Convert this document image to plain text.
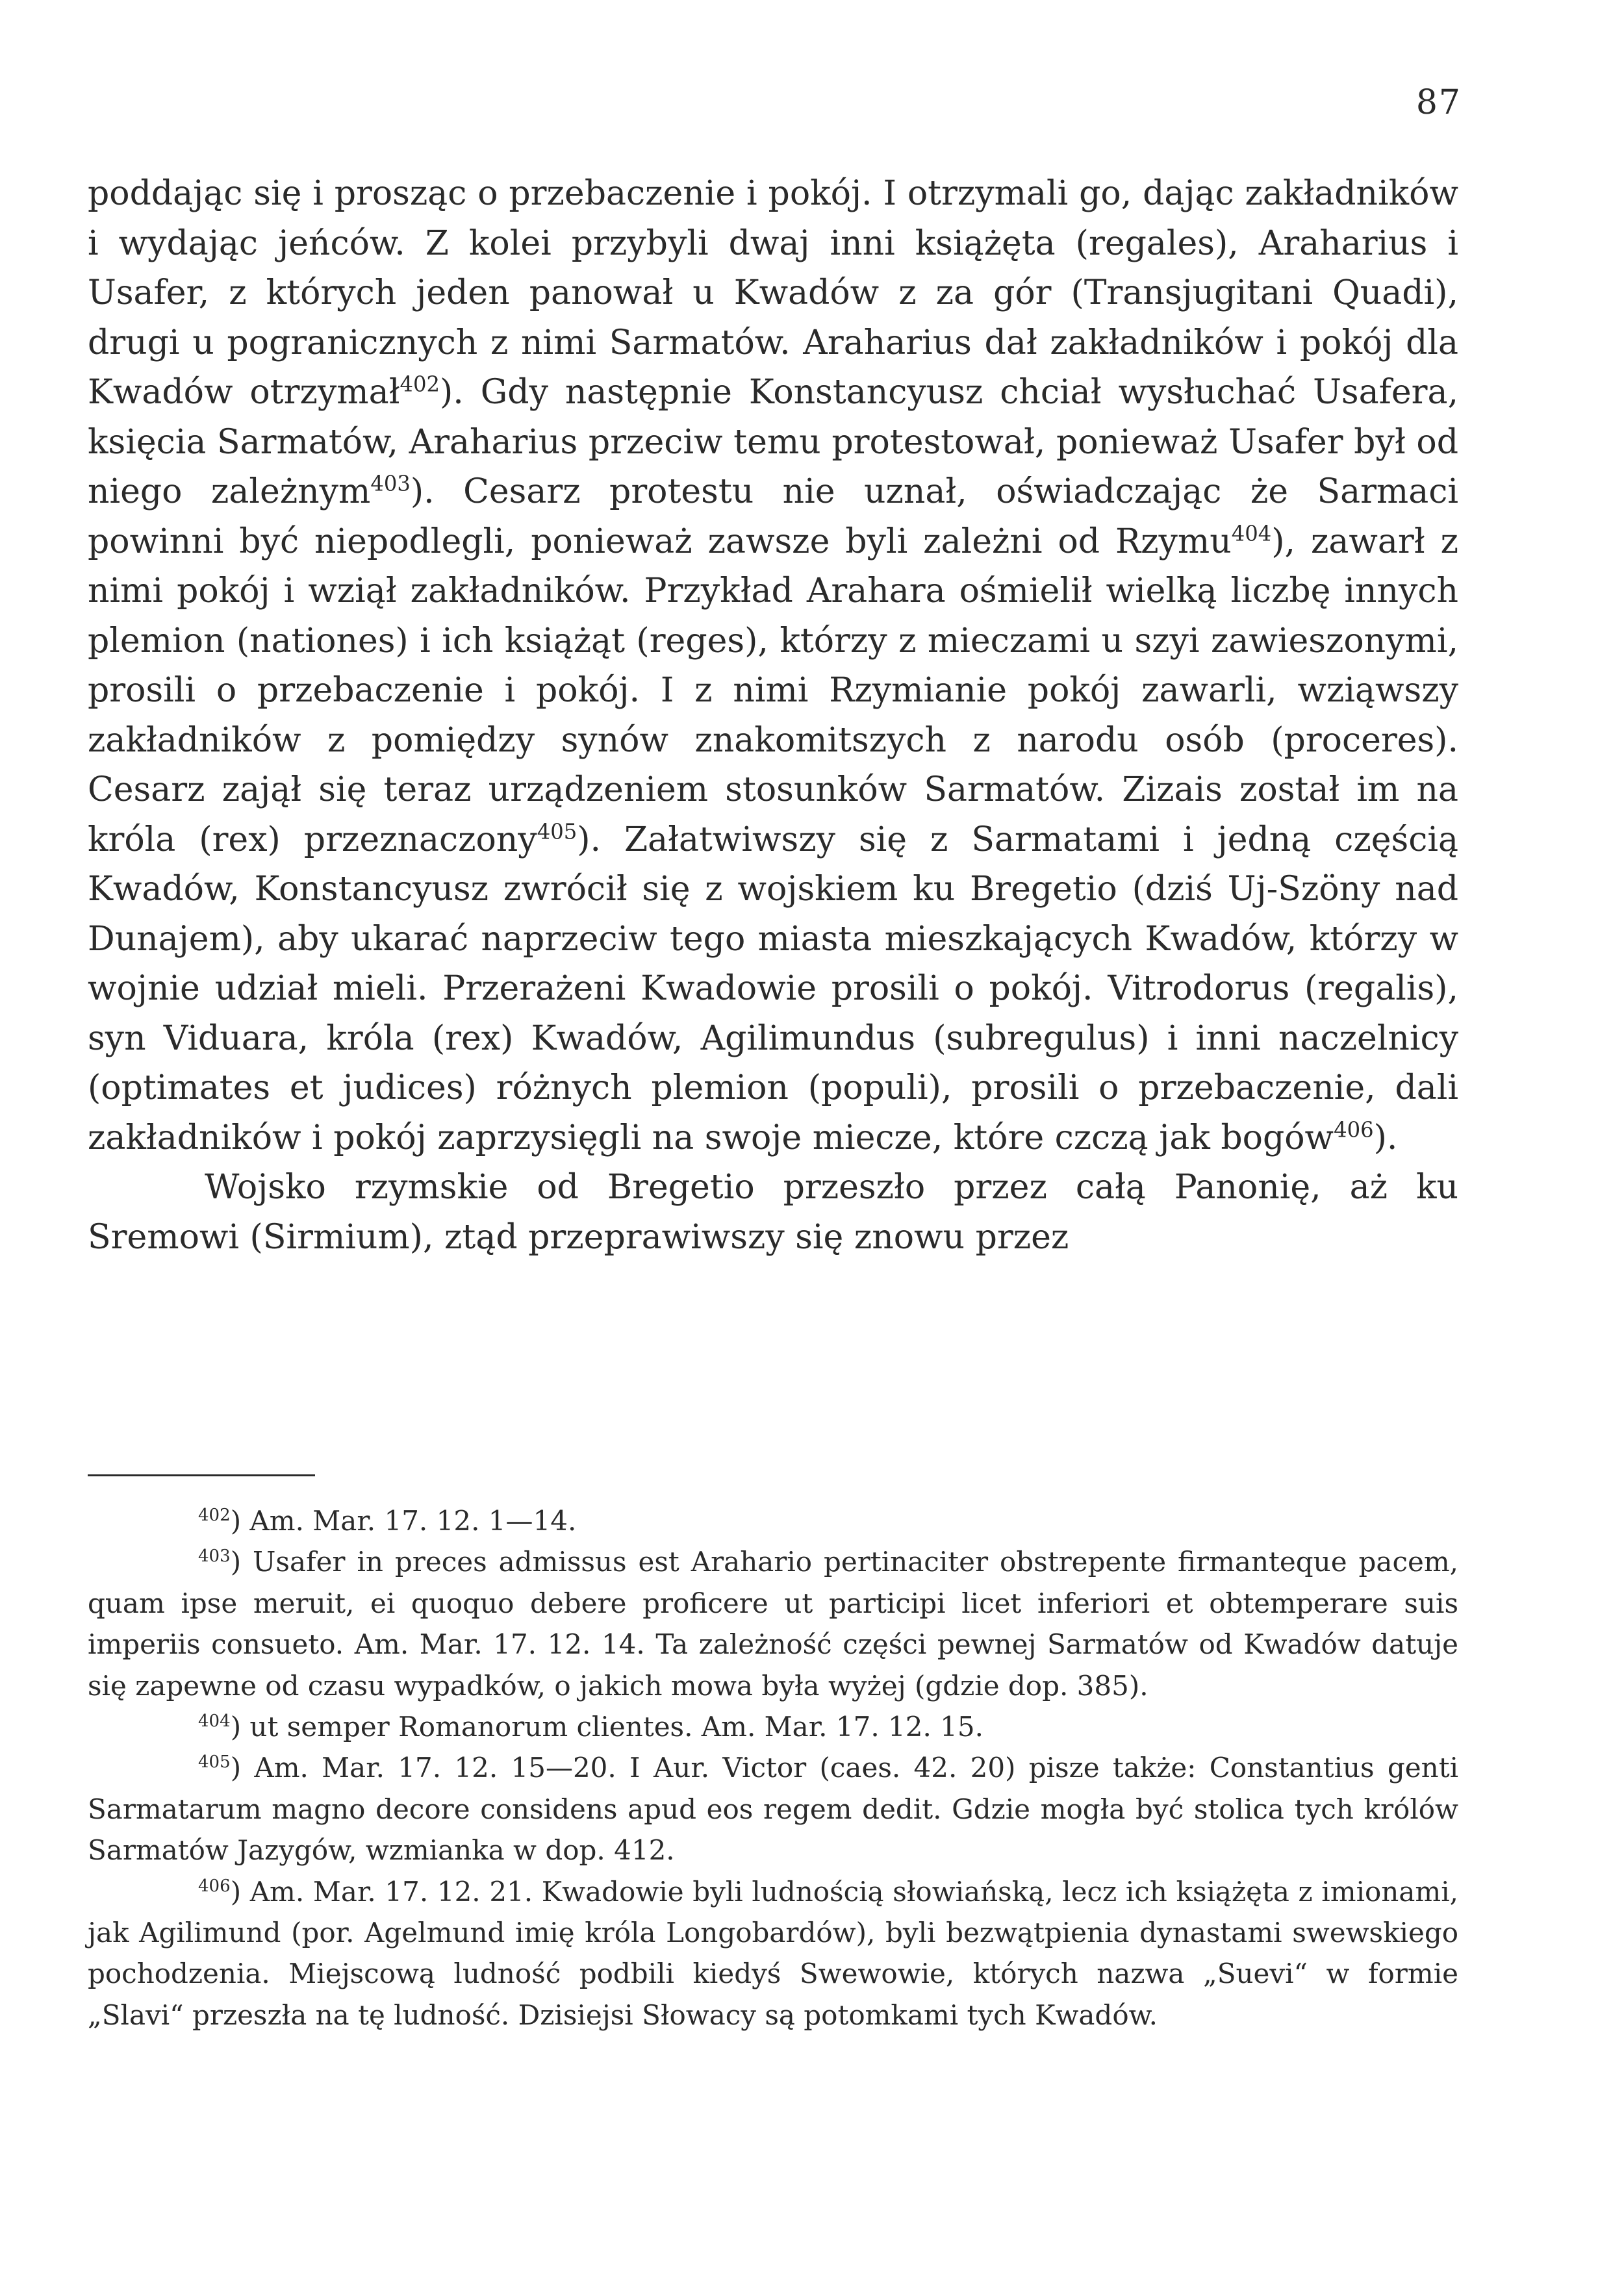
87

poddając się i prosząc o przebaczenie i pokój. I otrzymali go, dając zakładników i wydając jeńców. Z kolei przybyli dwaj inni książęta (regales), Araharius i Usafer, z których jeden panował u Kwadów z za gór (Transjugitani Quadi), drugi u pogranicznych z nimi Sarmatów. Araharius dał zakładników i pokój dla Kwadów otrzymał$^{402}$). Gdy następnie Konstancyusz chciał wysłuchać Usafera, księcia Sarmatów, Araharius przeciw temu protestował, ponieważ Usafer był od niego zależnym$^{403}$). Cesarz protestu nie uznał, oświadczając że Sarmaci powinni być niepodlegli, ponieważ zawsze byli zależni od Rzymu$^{404}$), zawarł z nimi pokój i wziął zakładników. Przykład Arahara ośmielił wielką liczbę innych plemion (nationes) i ich książąt (reges), którzy z mieczami u szyi zawieszonymi, prosili o przebaczenie i pokój. I z nimi Rzymianie pokój zawarli, wziąwszy zakładników z pomiędzy synów znakomitszych z narodu osób (proceres). Cesarz zajął się teraz urządzeniem stosunków Sarmatów. Zizais został im na króla (rex) przeznaczony$^{405}$). Załatwiwszy się z Sarmatami i jedną częścią Kwadów, Konstancyusz zwrócił się z wojskiem ku Bregetio (dziś Uj-Szöny nad Dunajem), aby ukarać naprzeciw tego miasta mieszkających Kwadów, którzy w wojnie udział mieli. Przerażeni Kwadowie prosili o pokój. Vitrodorus (regalis), syn Viduara, króla (rex) Kwadów, Agilimundus (subregulus) i inni naczelnicy (optimates et judices) różnych plemion (populi), prosili o przebaczenie, dali zakładników i pokój zaprzysięgli na swoje miecze, które czczą jak bogów$^{406}$).

Wojsko rzymskie od Bregetio przeszło przez całą Panonię, aż ku Sremowi (Sirmium), ztąd przeprawiwszy się znowu przez

$^{402}$) Am. Mar. 17. 12. 1—14.

$^{403}$) Usafer in preces admissus est Arahario pertinaciter obstrepente firmanteque pacem, quam ipse meruit, ei quoquo debere proficere ut participi licet inferiori et obtemperare suis imperiis consueto. Am. Mar. 17. 12. 14. Ta zależność części pewnej Sarmatów od Kwadów datuje się zapewne od czasu wypadków, o jakich mowa była wyżej (gdzie dop. 385).

$^{404}$) ut semper Romanorum clientes. Am. Mar. 17. 12. 15.

$^{405}$) Am. Mar. 17. 12. 15—20. I Aur. Victor (caes. 42. 20) pisze także: Constantius genti Sarmatarum magno decore considens apud eos regem dedit. Gdzie mogła być stolica tych królów Sarmatów Jazygów, wzmianka w dop. 412.

$^{406}$) Am. Mar. 17. 12. 21. Kwadowie byli ludnością słowiańską, lecz ich książęta z imionami, jak Agilimund (por. Agelmund imię króla Longobardów), byli bezwątpienia dynastami swewskiego pochodzenia. Miejscową ludność podbili kiedyś Swewowie, których nazwa „Suevi“ w formie „Slavi“ przeszła na tę ludność. Dzisiejsi Słowacy są potomkami tych Kwadów.
